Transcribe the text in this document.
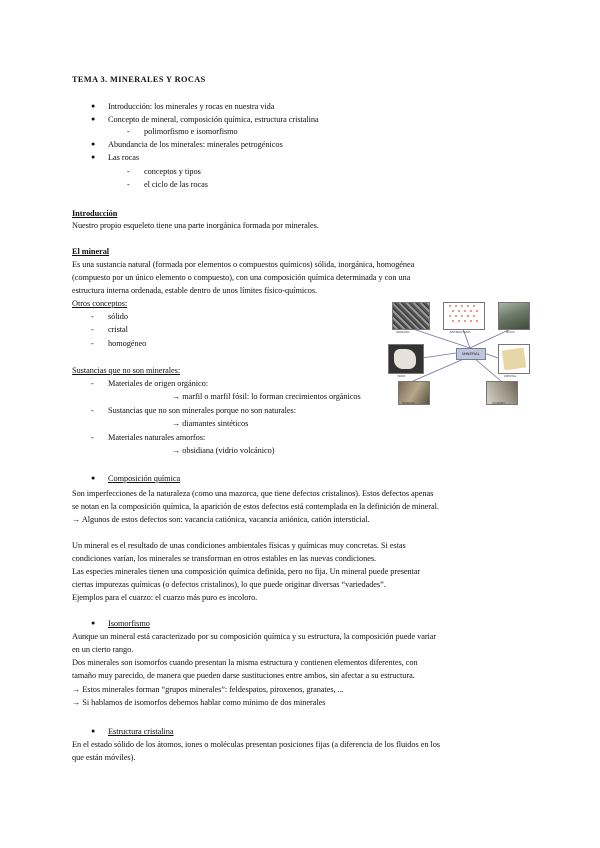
TEMA 3. MINERALES Y ROCAS
● Introducción: los minerales y rocas en nuestra vida
● Concepto de mineral, composición química, estructura cristalina
- polimorfismo e isomorfismo
● Abundancia de los minerales: minerales petrogénicos
● Las rocas
- conceptos y tipos
- el ciclo de las rocas
Introducción
Nuestro propio esqueleto tiene una parte inorgánica formada por minerales.
El mineral
Es una sustancia natural (formada por elementos o compuestos químicos) sólida, inorgánica, homogénea
(compuesto por un único elemento o compuesto), con una composición química determinada y con una
estructura interna ordenada, estable dentro de unos límites físico-químicos.
Otros conceptos:
- sólido
- cristal
- homogéneo
Sustancias que no son minerales:
- Materiales de origen orgánico:
→ marfil o marfil fósil: lo forman crecimientos orgánicos
- Sustancias que no son minerales porque no son naturales:
→ diamantes sintéticos
- Materiales naturales amorfos:
→ obsidiana (vidrio volcánico)
MINERAL
GRANITO	ESTRUCTURA	ROCA
YESO	CRISTAL
MINERAL	CUARZO
● Composición química
Son imperfecciones de la naturaleza (como una mazorca, que tiene defectos cristalinos). Estos defectos apenas
se notan en la composición química, la aparición de estos defectos está contemplada en la definición de mineral.
→ Algunos de estos defectos son: vacancia catiónica, vacancia aniónica, catión intersticial.
Un mineral es el resultado de unas condiciones ambientales físicas y químicas muy concretas. Si estas
condiciones varían, los minerales se transforman en otros estables en las nuevas condiciones.
Las especies minerales tienen una composición química definida, pero no fija. Un mineral puede presentar
ciertas impurezas químicas (o defectos cristalinos), lo que puede originar diversas “variedades”.
Ejemplos para el cuarzo: el cuarzo más puro es incoloro.
● Isomorfismo
Aunque un mineral está caracterizado por su composición química y su estructura, la composición puede variar
en un cierto rango.
Dos minerales son isomorfos cuando presentan la misma estructura y contienen elementos diferentes, con
tamaño muy parecido, de manera que pueden darse sustituciones entre ambos, sin afectar a su estructura.
→ Estos minerales forman “grupos minerales”: feldespatos, piroxenos, granates, ...
→ Si hablamos de isomorfos debemos hablar como mínimo de dos minerales
● Estructura cristalina
En el estado sólido de los átomos, iones o moléculas presentan posiciones fijas (a diferencia de los fluidos en los
que están móviles).
